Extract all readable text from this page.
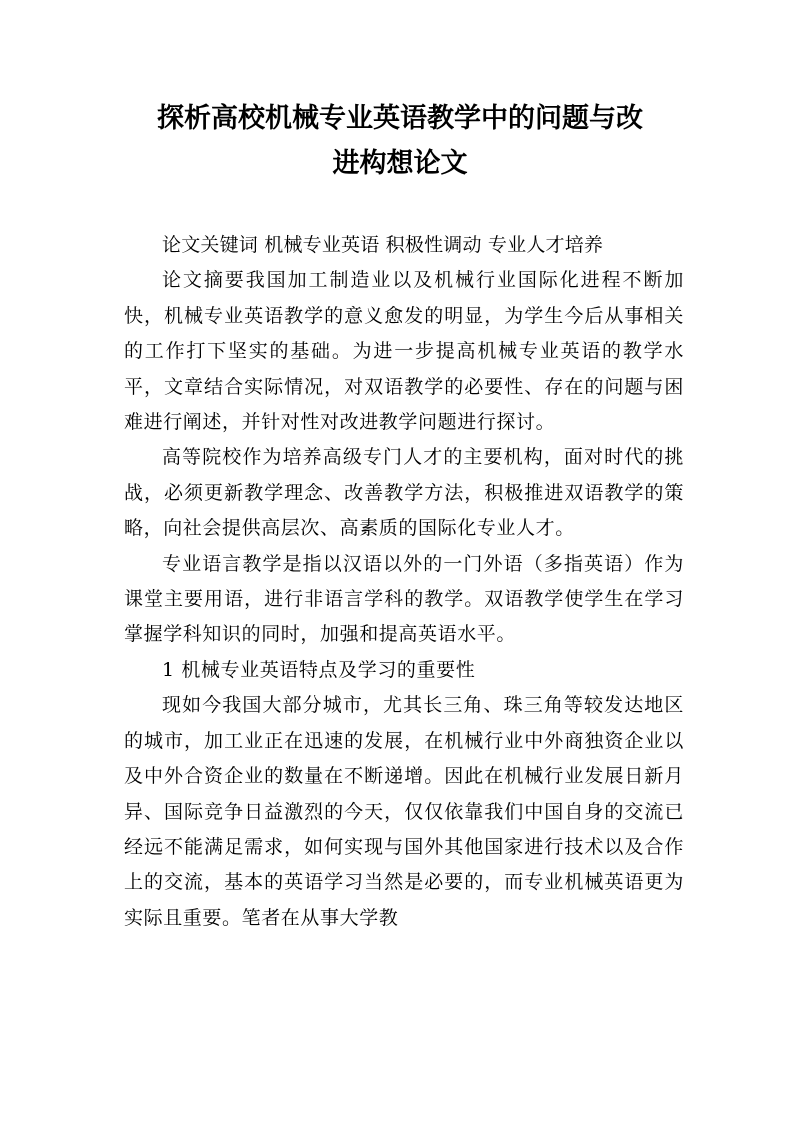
探析高校机械专业英语教学中的问题与改
进构想论文

论文关键词 机械专业英语 积极性调动 专业人才培养

论文摘要我国加工制造业以及机械行业国际化进程不断加快，机械专业英语教学的意义愈发的明显，为学生今后从事相关的工作打下坚实的基础。为进一步提高机械专业英语的教学水平，文章结合实际情况，对双语教学的必要性、存在的问题与困难进行阐述，并针对性对改进教学问题进行探讨。

高等院校作为培养高级专门人才的主要机构，面对时代的挑战，必须更新教学理念、改善教学方法，积极推进双语教学的策略，向社会提供高层次、高素质的国际化专业人才。

专业语言教学是指以汉语以外的一门外语（多指英语）作为课堂主要用语，进行非语言学科的教学。双语教学使学生在学习掌握学科知识的同时，加强和提高英语水平。

1 机械专业英语特点及学习的重要性

现如今我国大部分城市，尤其长三角、珠三角等较发达地区的城市，加工业正在迅速的发展，在机械行业中外商独资企业以及中外合资企业的数量在不断递增。因此在机械行业发展日新月异、国际竞争日益激烈的今天，仅仅依靠我们中国自身的交流已经远不能满足需求，如何实现与国外其他国家进行技术以及合作上的交流，基本的英语学习当然是必要的，而专业机械英语更为实际且重要。笔者在从事大学教
